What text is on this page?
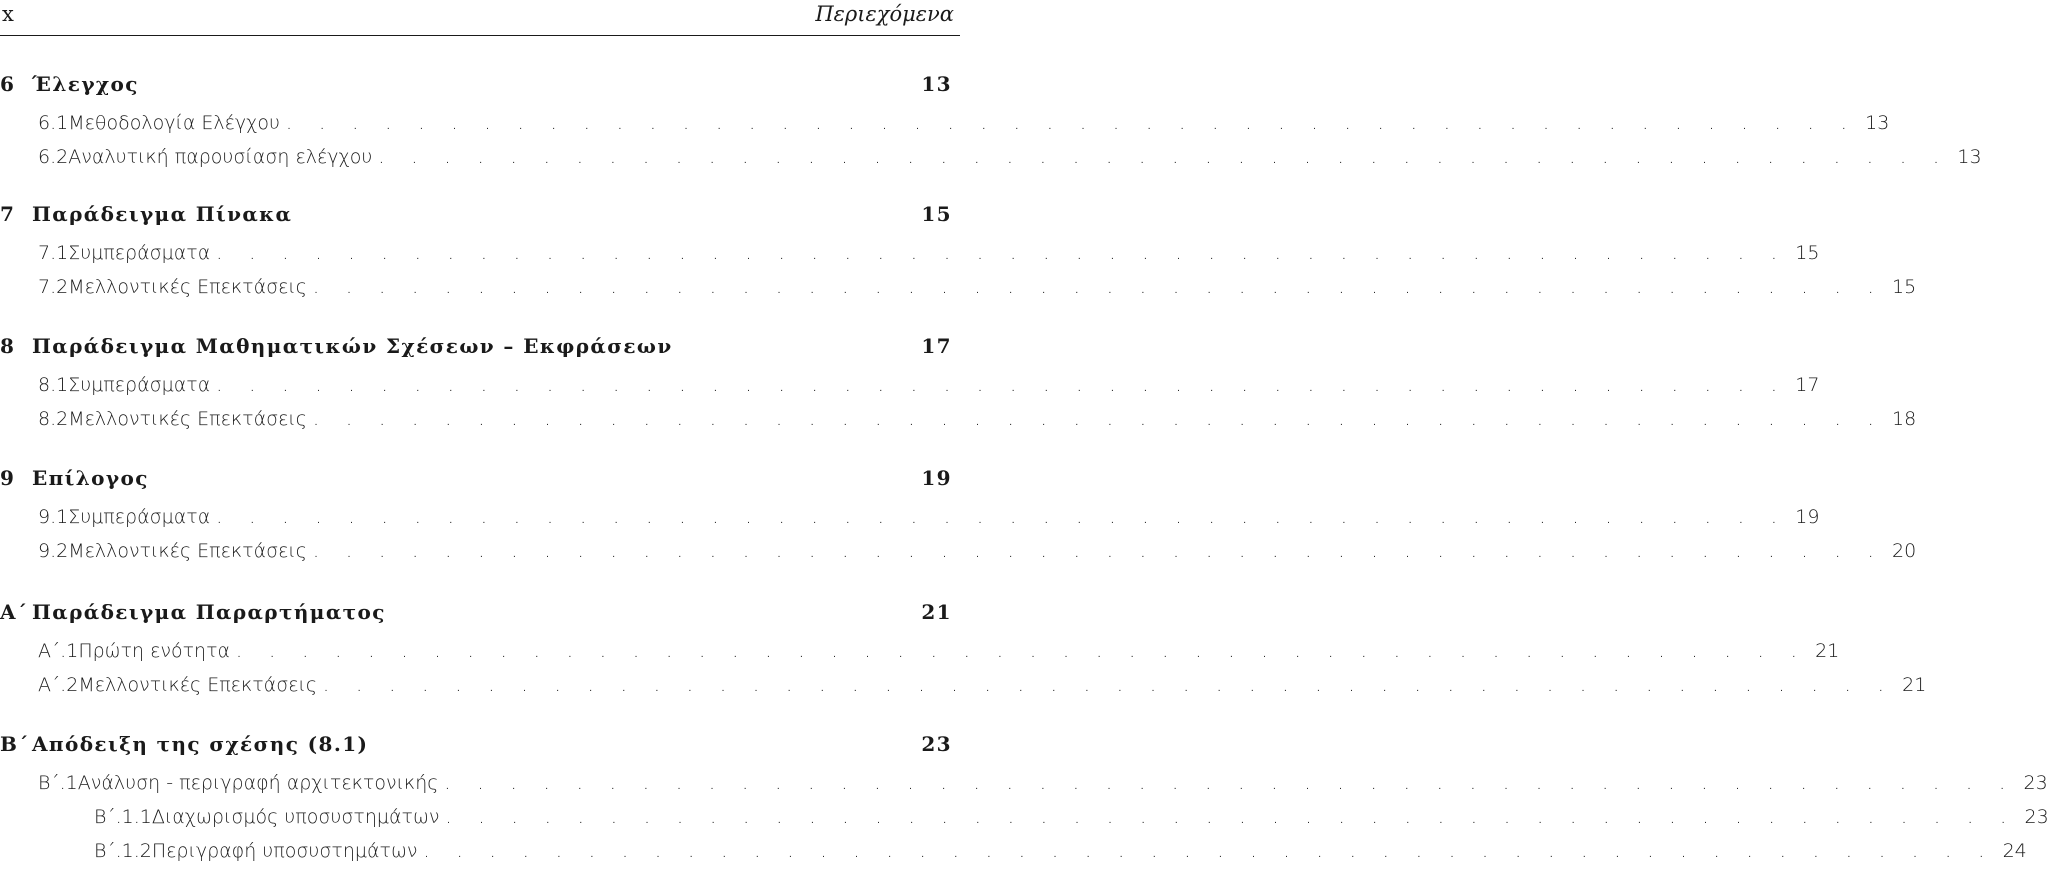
x	Περιεχόμενα
6 Έλεγχος	13
6.1 Μεθοδολογία Ελέγχου . . . . . . . . . . . . . . . . . . . . . . . . . . . . . . . . . . . . . . . . . . . . . . . . 13
6.2 Αναλυτική παρουσίαση ελέγχου . . . . . . . . . . . . . . . . . . . . . . . . . . . . . . . . . . . . . . . . . . . . . . . . 13
7 Παράδειγμα Πίνακα	15
7.1 Συμπεράσματα . . . . . . . . . . . . . . . . . . . . . . . . . . . . . . . . . . . . . . . . . . . . . . . . 15
7.2 Μελλοντικές Επεκτάσεις . . . . . . . . . . . . . . . . . . . . . . . . . . . . . . . . . . . . . . . . . . . . . . . . 15
8 Παράδειγμα Μαθηματικών Σχέσεων – Εκφράσεων	17
8.1 Συμπεράσματα . . . . . . . . . . . . . . . . . . . . . . . . . . . . . . . . . . . . . . . . . . . . . . . . 17
8.2 Μελλοντικές Επεκτάσεις . . . . . . . . . . . . . . . . . . . . . . . . . . . . . . . . . . . . . . . . . . . . . . . . 18
9 Επίλογος	19
9.1 Συμπεράσματα . . . . . . . . . . . . . . . . . . . . . . . . . . . . . . . . . . . . . . . . . . . . . . . . 19
9.2 Μελλοντικές Επεκτάσεις . . . . . . . . . . . . . . . . . . . . . . . . . . . . . . . . . . . . . . . . . . . . . . . . 20
Α΄ Παράδειγμα Παραρτήματος	21
Α΄.1 Πρώτη ενότητα . . . . . . . . . . . . . . . . . . . . . . . . . . . . . . . . . . . . . . . . . . . . . . . . 21
Α΄.2 Μελλοντικές Επεκτάσεις . . . . . . . . . . . . . . . . . . . . . . . . . . . . . . . . . . . . . . . . . . . . . . . . 21
Β΄ Απόδειξη της σχέσης (8.1)	23
Β΄.1 Ανάλυση - περιγραφή αρχιτεκτονικής . . . . . . . . . . . . . . . . . . . . . . . . . . . . . . . . . . . . . . . . . . . . . . . . 23
Β΄.1.1 Διαχωρισμός υποσυστημάτων . . . . . . . . . . . . . . . . . . . . . . . . . . . . . . . . . . . . . . . . . . . . . . . . 23
Β΄.1.2 Περιγραφή υποσυστημάτων . . . . . . . . . . . . . . . . . . . . . . . . . . . . . . . . . . . . . . . . . . . . . . . . 24
